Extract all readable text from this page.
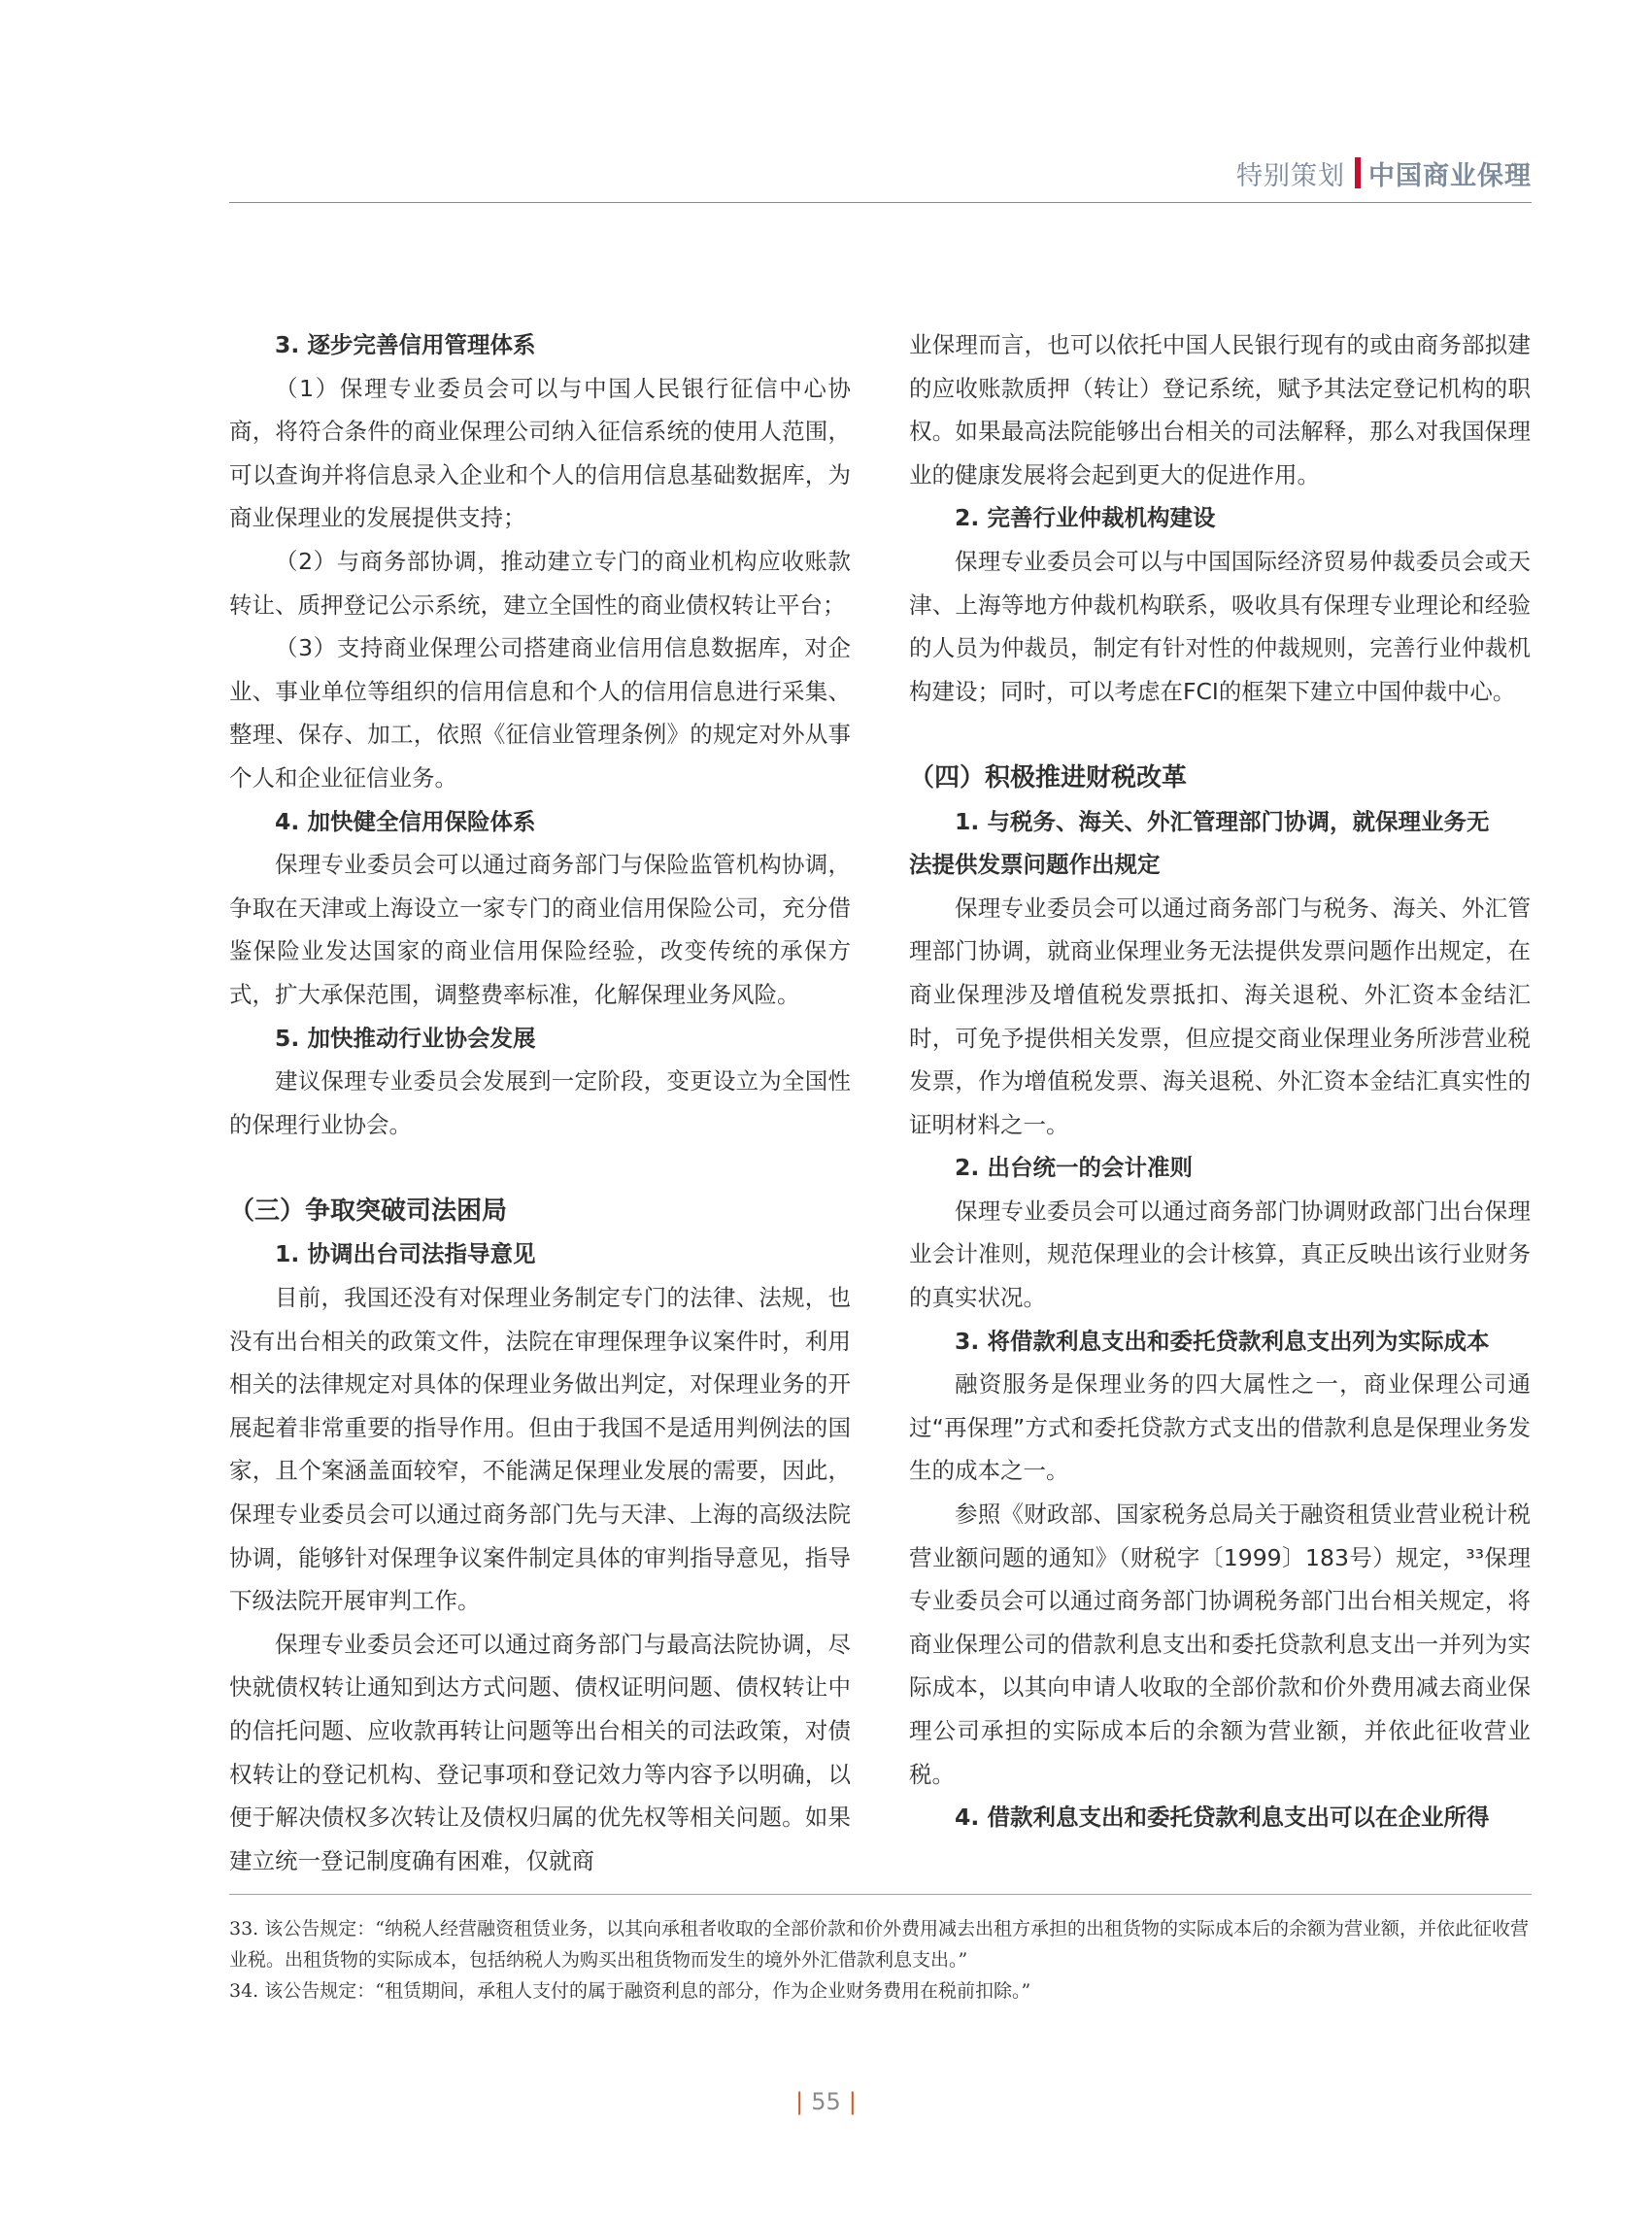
特别策划 中国商业保理

3. 逐步完善信用管理体系

（1）保理专业委员会可以与中国人民银行征信中心协商，将符合条件的商业保理公司纳入征信系统的使用人范围，可以查询并将信息录入企业和个人的信用信息基础数据库，为商业保理业的发展提供支持；

（2）与商务部协调，推动建立专门的商业机构应收账款转让、质押登记公示系统，建立全国性的商业债权转让平台；

（3）支持商业保理公司搭建商业信用信息数据库，对企业、事业单位等组织的信用信息和个人的信用信息进行采集、整理、保存、加工，依照《征信业管理条例》的规定对外从事个人和企业征信业务。

4. 加快健全信用保险体系

保理专业委员会可以通过商务部门与保险监管机构协调，争取在天津或上海设立一家专门的商业信用保险公司，充分借鉴保险业发达国家的商业信用保险经验，改变传统的承保方式，扩大承保范围，调整费率标准，化解保理业务风险。

5. 加快推动行业协会发展

建议保理专业委员会发展到一定阶段，变更设立为全国性的保理行业协会。

（三）争取突破司法困局

1. 协调出台司法指导意见

目前，我国还没有对保理业务制定专门的法律、法规，也没有出台相关的政策文件，法院在审理保理争议案件时，利用相关的法律规定对具体的保理业务做出判定，对保理业务的开展起着非常重要的指导作用。但由于我国不是适用判例法的国家，且个案涵盖面较窄，不能满足保理业发展的需要，因此，保理专业委员会可以通过商务部门先与天津、上海的高级法院协调，能够针对保理争议案件制定具体的审判指导意见，指导下级法院开展审判工作。

保理专业委员会还可以通过商务部门与最高法院协调，尽快就债权转让通知到达方式问题、债权证明问题、债权转让中的信托问题、应收款再转让问题等出台相关的司法政策，对债权转让的登记机构、登记事项和登记效力等内容予以明确，以便于解决债权多次转让及债权归属的优先权等相关问题。如果建立统一登记制度确有困难，仅就商

业保理而言，也可以依托中国人民银行现有的或由商务部拟建的应收账款质押（转让）登记系统，赋予其法定登记机构的职权。如果最高法院能够出台相关的司法解释，那么对我国保理业的健康发展将会起到更大的促进作用。

2. 完善行业仲裁机构建设

保理专业委员会可以与中国国际经济贸易仲裁委员会或天津、上海等地方仲裁机构联系，吸收具有保理专业理论和经验的人员为仲裁员，制定有针对性的仲裁规则，完善行业仲裁机构建设；同时，可以考虑在FCI的框架下建立中国仲裁中心。

（四）积极推进财税改革

1. 与税务、海关、外汇管理部门协调，就保理业务无

法提供发票问题作出规定

保理专业委员会可以通过商务部门与税务、海关、外汇管理部门协调，就商业保理业务无法提供发票问题作出规定，在商业保理涉及增值税发票抵扣、海关退税、外汇资本金结汇时，可免予提供相关发票，但应提交商业保理业务所涉营业税发票，作为增值税发票、海关退税、外汇资本金结汇真实性的证明材料之一。

2. 出台统一的会计准则

保理专业委员会可以通过商务部门协调财政部门出台保理业会计准则，规范保理业的会计核算，真正反映出该行业财务的真实状况。

3. 将借款利息支出和委托贷款利息支出列为实际成本

融资服务是保理业务的四大属性之一，商业保理公司通过“再保理”方式和委托贷款方式支出的借款利息是保理业务发生的成本之一。

参照《财政部、国家税务总局关于融资租赁业营业税计税营业额问题的通知》（财税字〔1999〕183号）规定，³³保理专业委员会可以通过商务部门协调税务部门出台相关规定，将商业保理公司的借款利息支出和委托贷款利息支出一并列为实际成本，以其向申请人收取的全部价款和价外费用减去商业保理公司承担的实际成本后的余额为营业额，并依此征收营业税。

4. 借款利息支出和委托贷款利息支出可以在企业所得

33. 该公告规定：“纳税人经营融资租赁业务，以其向承租者收取的全部价款和价外费用减去出租方承担的出租货物的实际成本后的余额为营业额，并依此征收营业税。出租货物的实际成本，包括纳税人为购买出租货物而发生的境外外汇借款利息支出。”

34. 该公告规定：“租赁期间，承租人支付的属于融资利息的部分，作为企业财务费用在税前扣除。”

| 55 |
